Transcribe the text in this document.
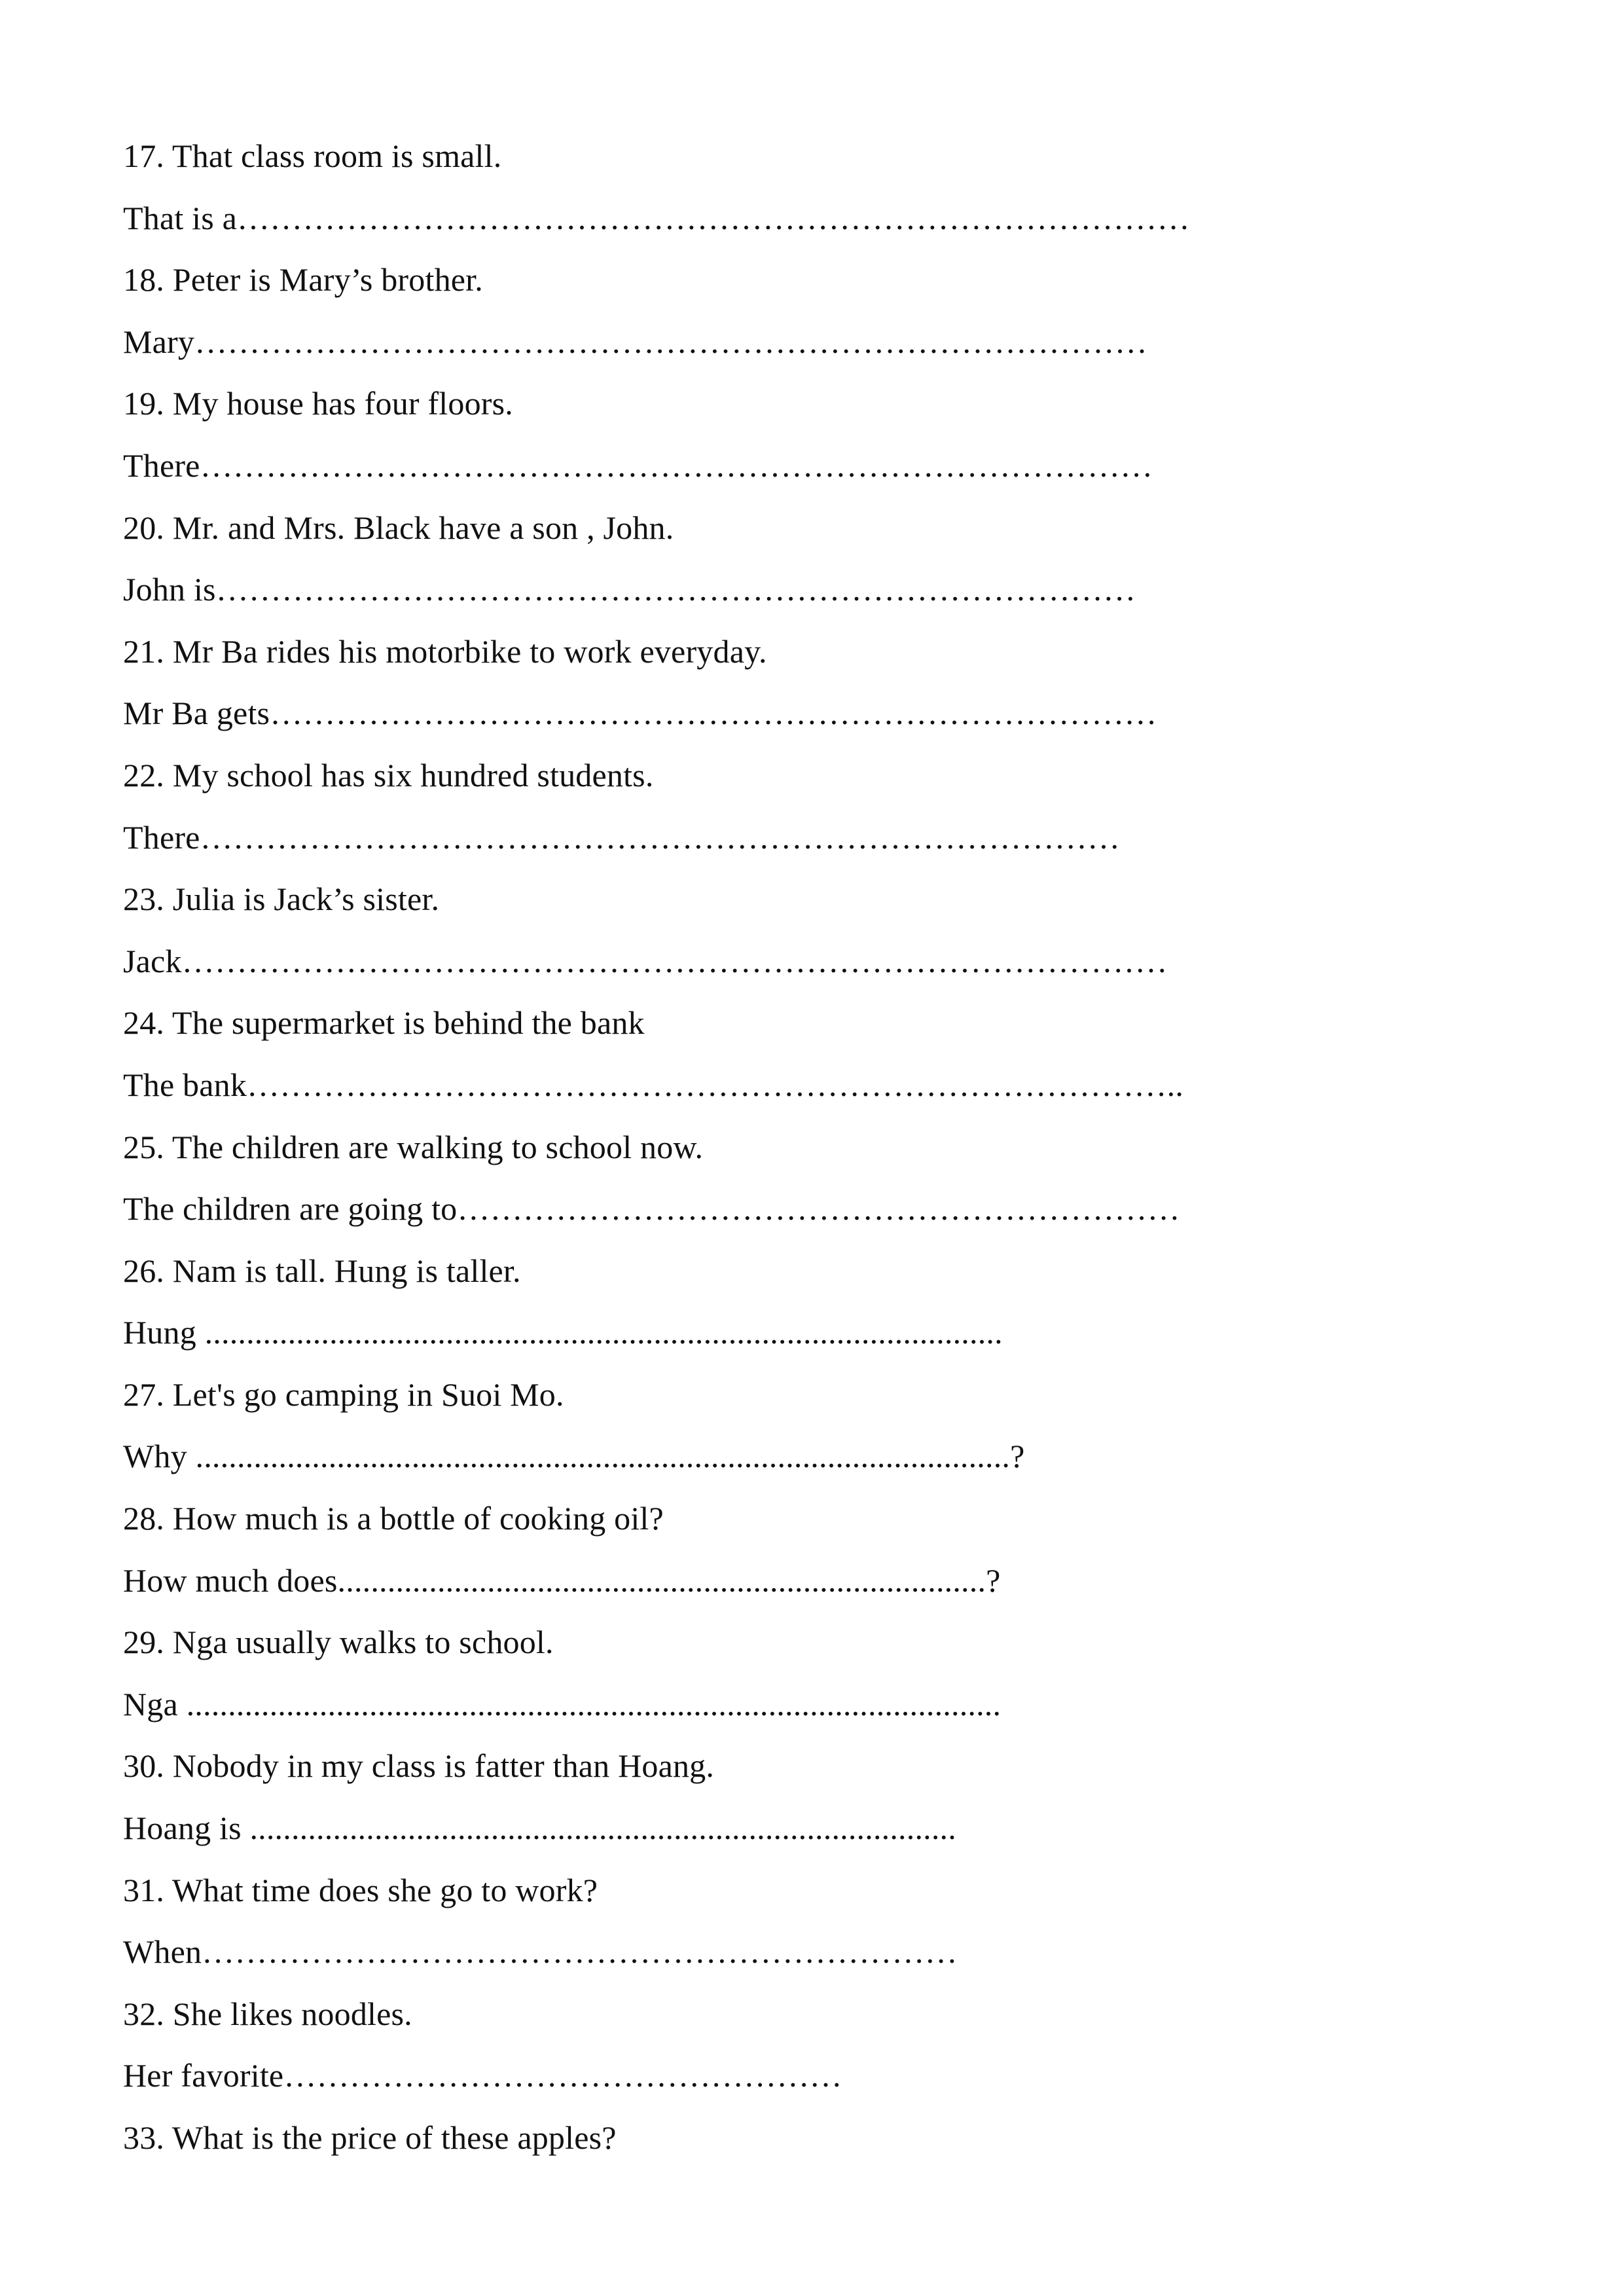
17. That class room is small.
That is a……………………………………………………………………………
18. Peter is Mary’s brother.
Mary……………………………………………………………………………
19. My house has four floors.
There……………………………………………………………………………
20. Mr. and Mrs. Black have a son , John.
John is…………………………………………………………………………
21. Mr Ba rides his motorbike to work everyday.
Mr Ba gets………………………………………………………………………
22. My school has six hundred students.
There…………………………………………………………………………
23. Julia is Jack’s sister.
Jack………………………………………………………………………………
24. The supermarket is behind the bank
The bank…………………………………………………………………………..
25. The children are walking to school now.
The children are going to…………………………………………………………
26. Nam is tall. Hung is taller.
Hung ................................................................................................
27. Let's go camping in Suoi Mo.
Why ..................................................................................................?
28. How much is a bottle of cooking oil?
How much does..............................................................................?
29. Nga usually walks to school.
Nga ..................................................................................................
30. Nobody in my class is fatter than Hoang.
Hoang is .....................................................................................
31. What time does she go to work?
When……………………………………………………………
32. She likes noodles.
Her favorite……………………………………………
33. What is the price of these apples?
